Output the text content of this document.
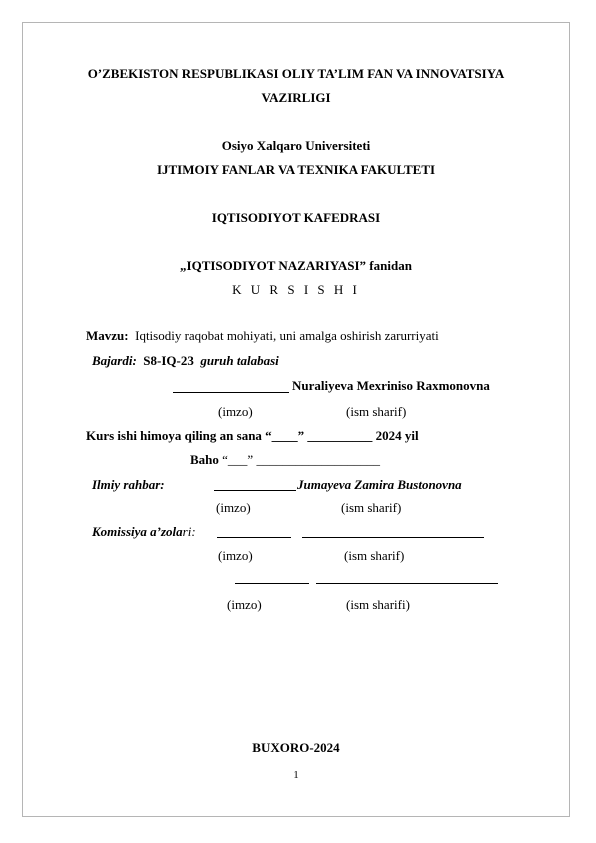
O’ZBEKISTON RESPUBLIKASI OLIY TA’LIM FAN VA INNOVATSIYA
VAZIRLIGI
Osiyo Xalqaro Universiteti
IJTIMOIY FANLAR VA TEXNIKA FAKULTETI
IQTISODIYOT KAFEDRASI
„IQTISODIYOT NAZARIYASI” fanidan
K U R S I S H I
Mavzu: Iqtisodiy raqobat mohiyati, uni amalga oshirish zarurriyati
Bajardi: S8-IQ-23 guruh talabasi
Nuraliyeva Mexriniso Raxmonovna
(imzo)	(ism sharif)
Kurs ishi himoya qiling an sana “____” __________ 2024 yil
Baho “___” ___________________
Ilmiy rahbar:	Jumayeva Zamira Bustonovna
(imzo)	(ism sharif)
Komissiya a’zolari:
(imzo)	(ism sharif)
(imzo)	(ism sharifi)
BUXORO-2024
1
